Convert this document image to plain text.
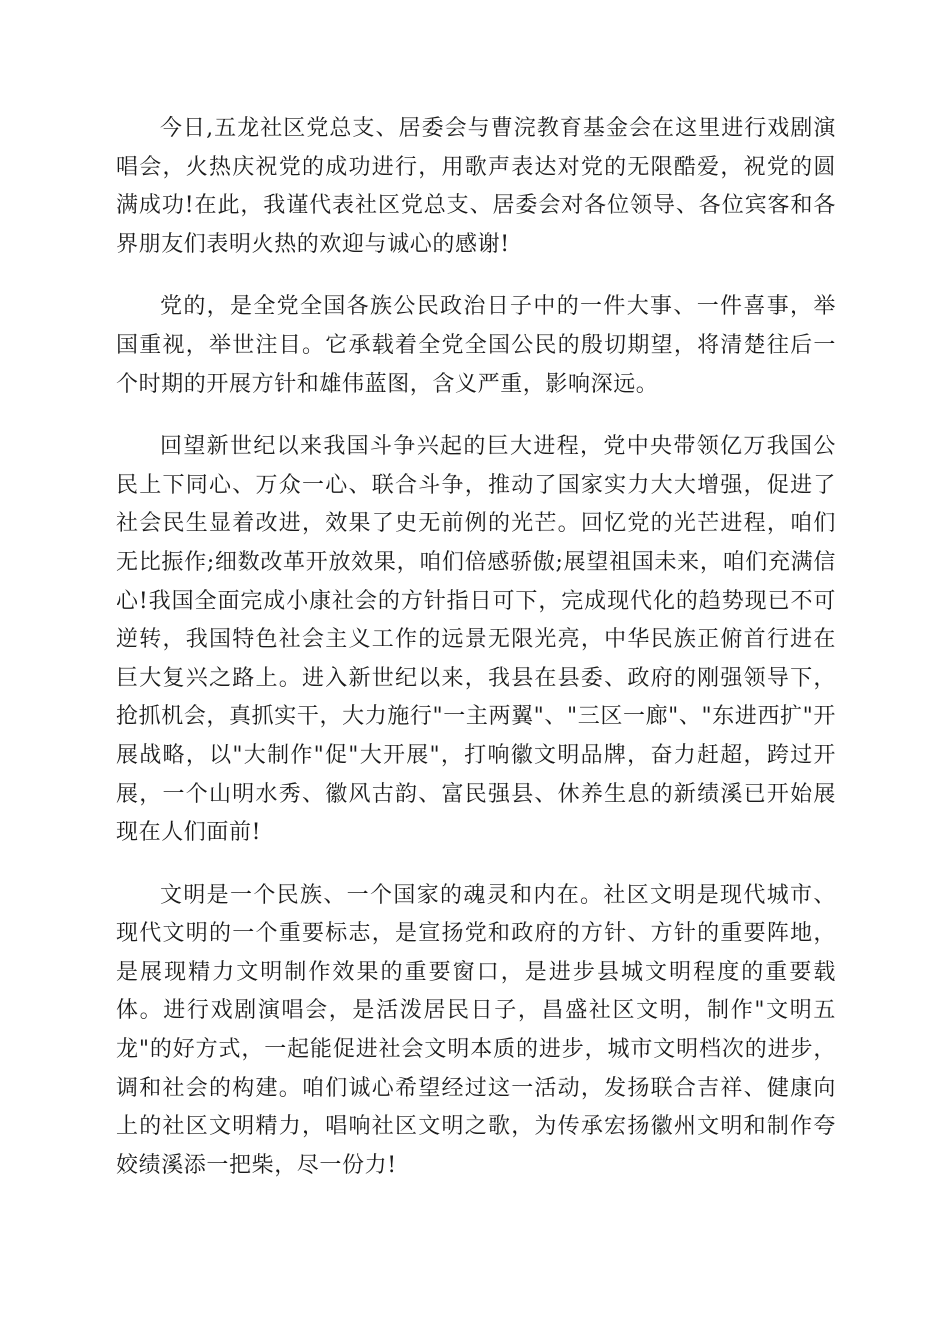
今日,五龙社区党总支、居委会与曹浣教育基金会在这里进行戏剧演唱会，火热庆祝党的成功进行，用歌声表达对党的无限酷爱，祝党的圆满成功!在此，我谨代表社区党总支、居委会对各位领导、各位宾客和各界朋友们表明火热的欢迎与诚心的感谢!

党的，是全党全国各族公民政治日子中的一件大事、一件喜事，举国重视，举世注目。它承载着全党全国公民的殷切期望，将清楚往后一个时期的开展方针和雄伟蓝图，含义严重，影响深远。

回望新世纪以来我国斗争兴起的巨大进程，党中央带领亿万我国公民上下同心、万众一心、联合斗争，推动了国家实力大大增强，促进了社会民生显着改进，效果了史无前例的光芒。回忆党的光芒进程，咱们无比振作;细数改革开放效果，咱们倍感骄傲;展望祖国未来，咱们充满信心!我国全面完成小康社会的方针指日可下，完成现代化的趋势现已不可逆转，我国特色社会主义工作的远景无限光亮，中华民族正俯首行进在巨大复兴之路上。进入新世纪以来，我县在县委、政府的刚强领导下，抢抓机会，真抓实干，大力施行"一主两翼"、"三区一廊"、"东进西扩"开展战略，以"大制作"促"大开展"，打响徽文明品牌，奋力赶超，跨过开展，一个山明水秀、徽风古韵、富民强县、休养生息的新绩溪已开始展现在人们面前!

文明是一个民族、一个国家的魂灵和内在。社区文明是现代城市、现代文明的一个重要标志，是宣扬党和政府的方针、方针的重要阵地，是展现精力文明制作效果的重要窗口，是进步县城文明程度的重要载体。进行戏剧演唱会，是活泼居民日子，昌盛社区文明，制作"文明五龙"的好方式，一起能促进社会文明本质的进步，城市文明档次的进步，调和社会的构建。咱们诚心希望经过这一活动，发扬联合吉祥、健康向上的社区文明精力，唱响社区文明之歌，为传承宏扬徽州文明和制作夸姣绩溪添一把柴，尽一份力!
